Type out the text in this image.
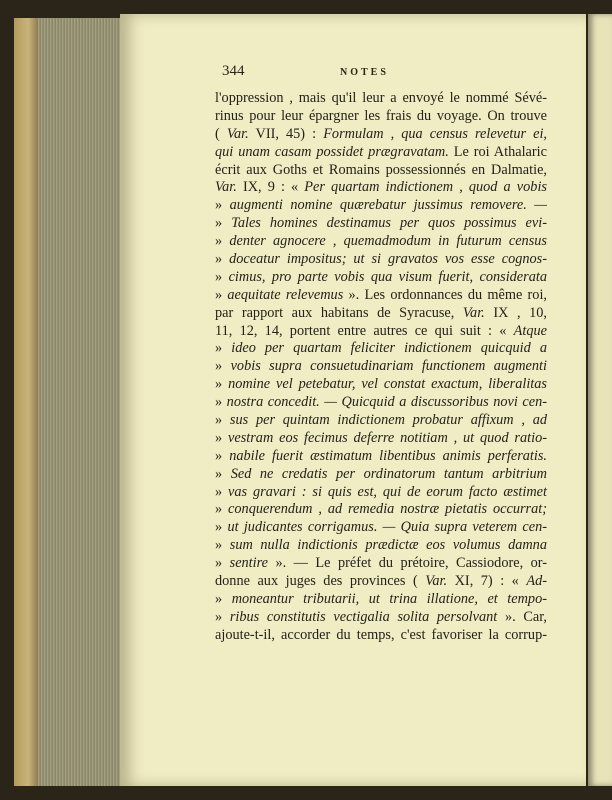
344	NOTES
l'oppression , mais qu'il leur a envoyé le nommé Sévé-
rinus pour leur épargner les frais du voyage. On trouve
( Var. VII, 45) : Formulam , qua census relevetur ei,
qui unam casam possidet prægravatam. Le roi Athalaric
écrit aux Goths et Romains possessionnés en Dalmatie,
Var. IX, 9 : « Per quartam indictionem , quod a vobis
» augmenti nomine quærebatur jussimus removere. —
» Tales homines destinamus per quos possimus evi-
» denter agnocere , quemadmodum in futurum census
» doceatur impositus; ut si gravatos vos esse cognos-
» cimus, pro parte vobis qua visum fuerit, considerata
» aequitate relevemus ». Les ordonnances du même roi,
par rapport aux habitans de Syracuse, Var. IX , 10,
11, 12, 14, portent entre autres ce qui suit : « Atque
» ideo per quartam feliciter indictionem quicquid a
» vobis supra consuetudinariam functionem augmenti
» nomine vel petebatur, vel constat exactum, liberalitas
» nostra concedit. — Quicquid a discussoribus novi cen-
» sus per quintam indictionem probatur affixum , ad
» vestram eos fecimus deferre notitiam , ut quod ratio-
» nabile fuerit æstimatum libentibus animis perferatis.
» Sed ne credatis per ordinatorum tantum arbitrium
» vas gravari : si quis est, qui de eorum facto æstimet
» conquerendum , ad remedia nostræ pietatis occurrat;
» ut judicantes corrigamus. — Quia supra veterem cen-
» sum nulla indictionis prædictæ eos volumus damna
» sentire ». — Le préfet du prétoire, Cassiodore, or-
donne aux juges des provinces ( Var. XI, 7) : « Ad-
» moneantur tributarii, ut trina illatione, et tempo-
» ribus constitutis vectigalia solita persolvant ». Car,
ajoute-t-il, accorder du temps, c'est favoriser la corrup-
